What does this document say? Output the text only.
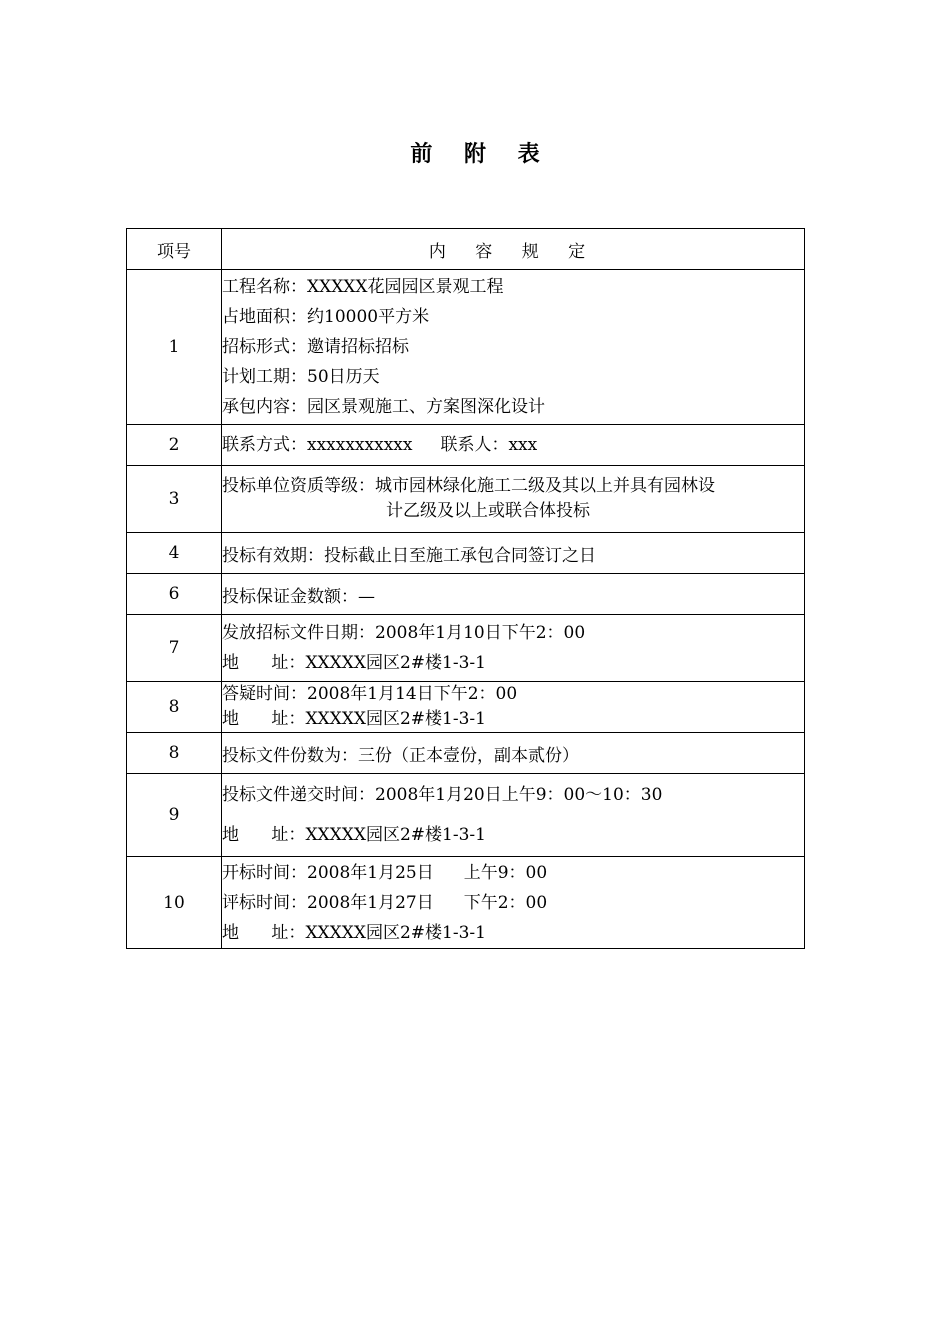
前 附 表
项号	内 容 规 定
1	工程名称：XXXXX花园园区景观工程
占地面积：约10000平方米
招标形式：邀请招标招标
计划工期：50日历天
承包内容：园区景观施工、方案图深化设计

2	联系方式：xxxxxxxxxxx 联系人：xxx

3	投标单位资质等级：城市园林绿化施工二级及其以上并具有园林设
计乙级及以上或联合体投标

4	投标有效期：投标截止日至施工承包合同签订之日
6	投标保证金数额：—
7	发放招标文件日期：2008年1月10日下午2：00
地      址：XXXXX园区2#楼1-3-1

8	答疑时间：2008年1月14日下午2：00
地      址：XXXXX园区2#楼1-3-1

8	投标文件份数为：三份（正本壹份，副本贰份）
9	投标文件递交时间：2008年1月20日上午9：00～10：30
地      址：XXXXX园区2#楼1-3-1

10	开标时间：2008年1月25日 上午9：00
评标时间：2008年1月27日 下午2：00
地      址：XXXXX园区2#楼1-3-1
